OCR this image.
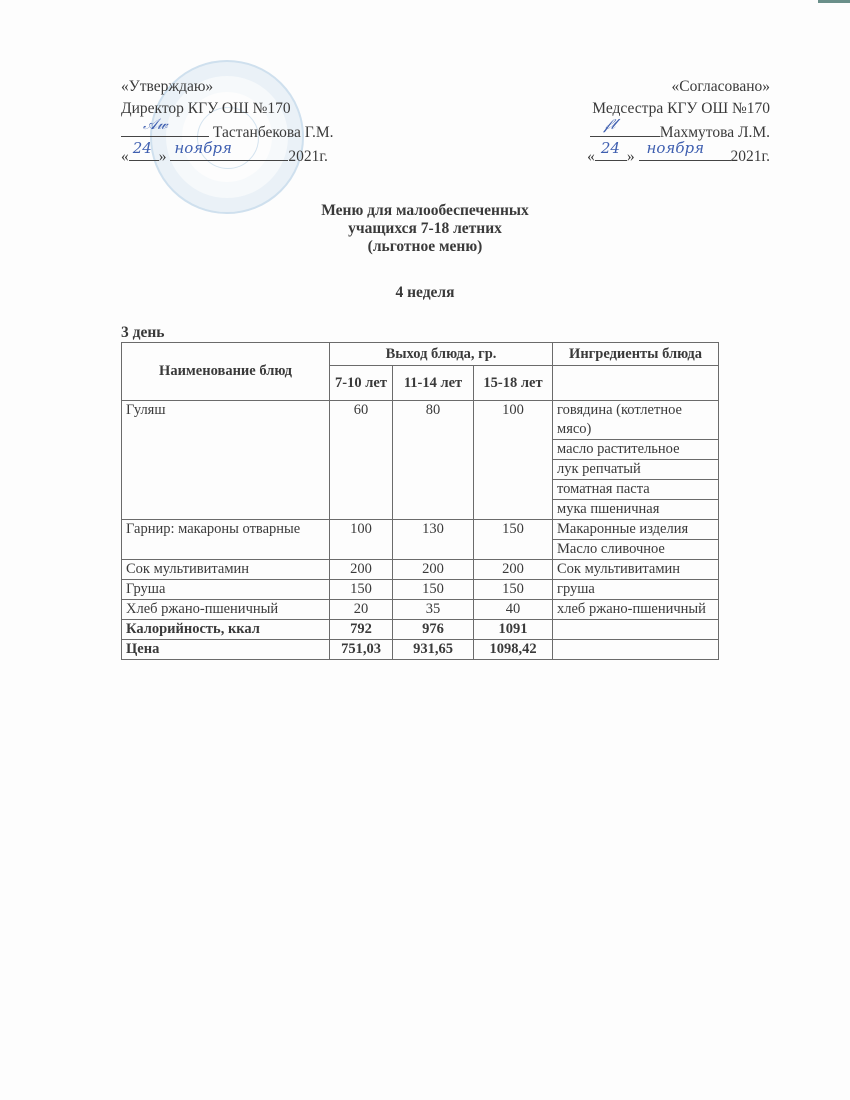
«Утверждаю»
Директор КГУ ОШ №170
𝒜𝓌	Тастанбекова Г.М.
« 24 » ноября	2021г.
«Согласовано»
Медсестра КГУ ОШ №170
𝒻𝓁	Махмутова Л.М.
« 24 » ноября 2021г.
Меню для малообеспеченных
учащихся 7-18 летних
(льготное меню)
4 неделя
3 день
Наименование блюд	Выход блюда, гр.			Ингредиенты блюда
	7-10 лет	11-14 лет	15-18 лет	
Гуляш	60	80	100	говядина (котлетное мясо)
				масло растительное
				лук репчатый
				томатная паста
				мука пшеничная
Гарнир: макароны отварные	100	130	150	Макаронные изделия
				Масло сливочное
Сок мультивитамин	200	200	200	Сок мультивитамин
Груша	150	150	150	груша
Хлеб ржано-пшеничный	20	35	40	хлеб ржано-пшеничный
Калорийность, ккал	792	976	1091	
Цена	751,03	931,65	1098,42	
